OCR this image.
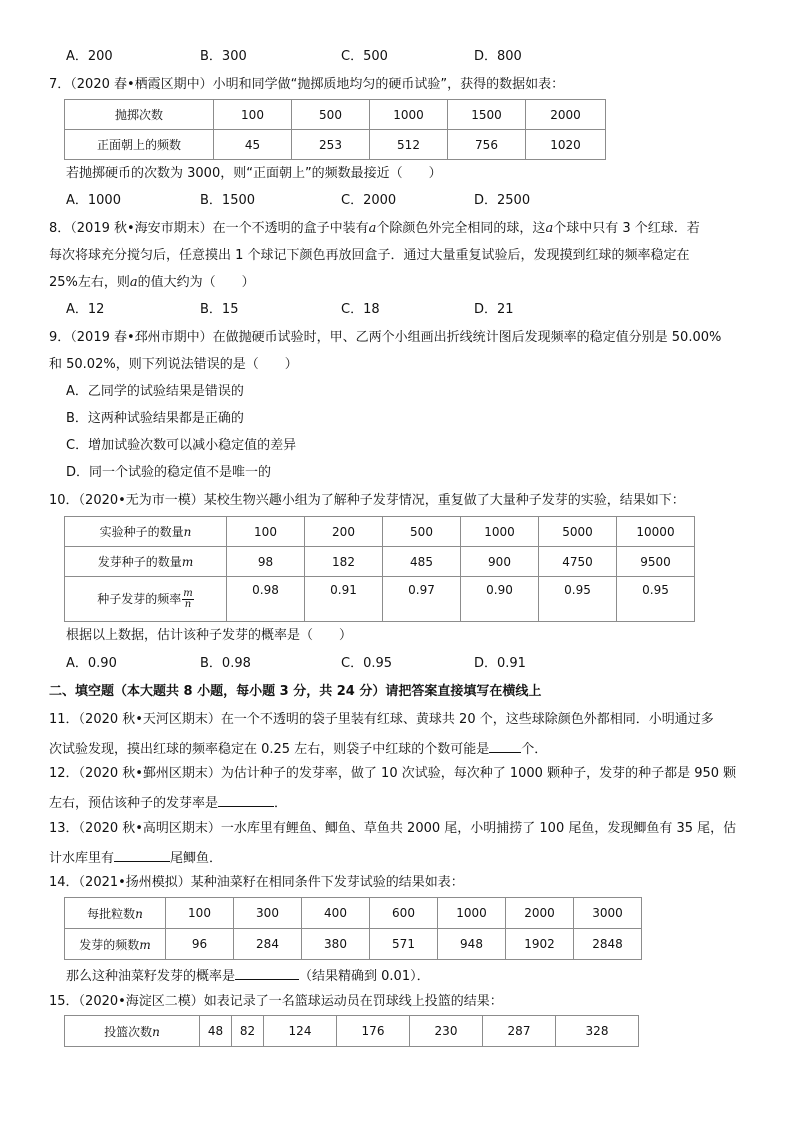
A．200	B．300	C．500	D．800
7．（2020 春•栖霞区期中）小明和同学做“抛掷质地均匀的硬币试验”，获得的数据如表：
抛掷次数	100	500	1000	1500	2000
正面朝上的频数	45	253	512	756	1020
若抛掷硬币的次数为 3000，则“正面朝上”的频数最接近（　　）
A．1000	B．1500	C．2000	D．2500
8．（2019 秋•海安市期末）在一个不透明的盒子中装有a个除颜色外完全相同的球，这a个球中只有 3 个红球．若
每次将球充分搅匀后，任意摸出 1 个球记下颜色再放回盒子．通过大量重复试验后，发现摸到红球的频率稳定在
25%左右，则a的值大约为（　　）
A．12	B．15	C．18	D．21
9．（2019 春•邳州市期中）在做抛硬币试验时，甲、乙两个小组画出折线统计图后发现频率的稳定值分别是 50.00%
和 50.02%，则下列说法错误的是（　　）
A．乙同学的试验结果是错误的
B．这两种试验结果都是正确的
C．增加试验次数可以减小稳定值的差异
D．同一个试验的稳定值不是唯一的
10．（2020•无为市一模）某校生物兴趣小组为了解种子发芽情况，重复做了大量种子发芽的实验，结果如下：
实验种子的数量n	100	200	500	1000	5000	10000
发芽种子的数量m	98	182	485	900	4750	9500
种子发芽的频率 $\frac{m}{n}$	0.98	0.91	0.97	0.90	0.95	0.95
根据以上数据，估计该种子发芽的概率是（　　）
A．0.90	B．0.98	C．0.95	D．0.91
二、填空题（本大题共 8 小题，每小题 3 分，共 24 分）请把答案直接填写在横线上
11．（2020 秋•天河区期末）在一个不透明的袋子里装有红球、黄球共 20 个，这些球除颜色外都相同．小明通过多
次试验发现，摸出红球的频率稳定在 0.25 左右，则袋子中红球的个数可能是 个．
12．（2020 秋•鄞州区期末）为估计种子的发芽率，做了 10 次试验，每次种了 1000 颗种子，发芽的种子都是 950 颗
左右，预估该种子的发芽率是	．
13．（2020 秋•高明区期末）一水库里有鲤鱼、鲫鱼、草鱼共 2000 尾，小明捕捞了 100 尾鱼，发现鲫鱼有 35 尾，估
计水库里有	尾鲫鱼．
14．（2021•扬州模拟）某种油菜籽在相同条件下发芽试验的结果如表：
每批粒数n	100	300	400	600	1000	2000	3000
发芽的频数m	96	284	380	571	948	1902	2848
那么这种油菜籽发芽的概率是	（结果精确到 0.01）．
15．（2020•海淀区二模）如表记录了一名篮球运动员在罚球线上投篮的结果：
投篮次数n	48	82	124	176	230	287	328
